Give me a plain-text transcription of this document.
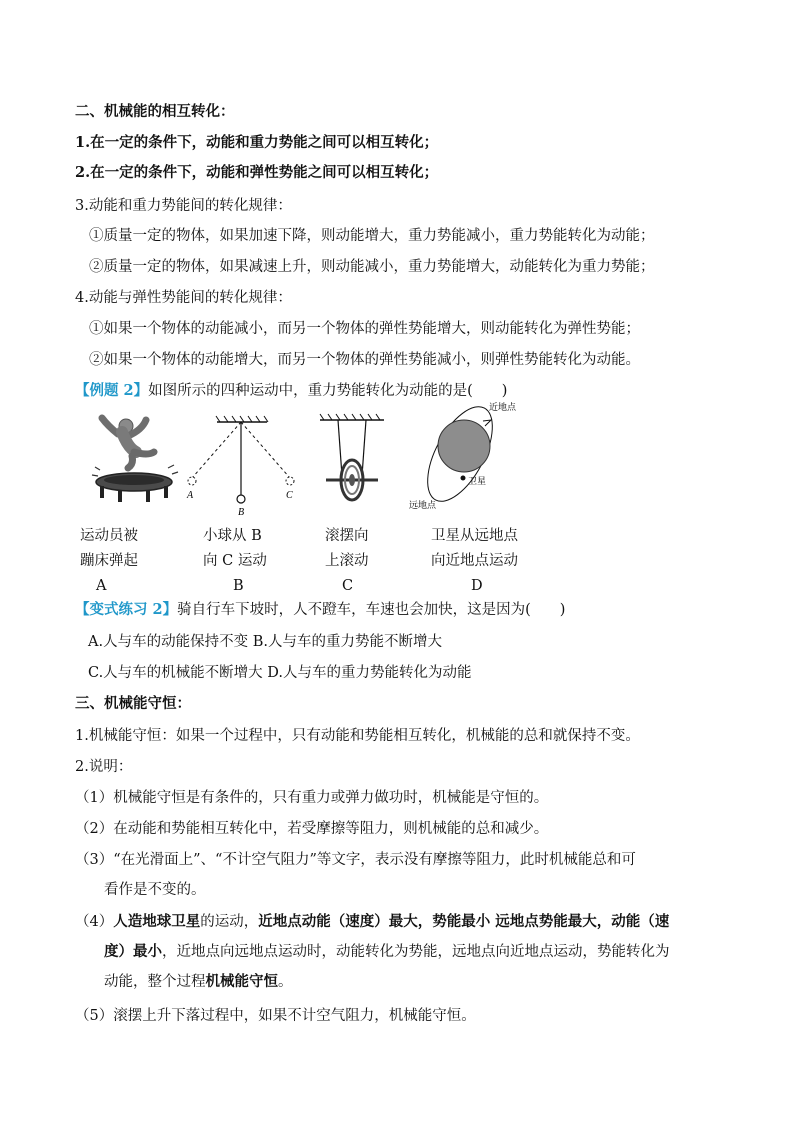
二、机械能的相互转化：
1.在一定的条件下，动能和重力势能之间可以相互转化；
2.在一定的条件下，动能和弹性势能之间可以相互转化；
3.动能和重力势能间的转化规律：
①质量一定的物体，如果加速下降，则动能增大，重力势能减小，重力势能转化为动能；
②质量一定的物体，如果减速上升，则动能减小，重力势能增大，动能转化为重力势能；
4.动能与弹性势能间的转化规律：
①如果一个物体的动能减小，而另一个物体的弹性势能增大，则动能转化为弹性势能；
②如果一个物体的动能增大，而另一个物体的弹性势能减小，则弹性势能转化为动能。
【例题 2】如图所示的四种运动中，重力势能转化为动能的是(　　)
A
B
C
近地点
卫星
远地点
运动员被
蹦床弹起
A
小球从 B
向 C 运动
B
滚摆向
上滚动
C
卫星从远地点
向近地点运动
D
【变式练习 2】骑自行车下坡时，人不蹬车，车速也会加快，这是因为(　　)
A.人与车的动能保持不变 B.人与车的重力势能不断增大
C.人与车的机械能不断增大 D.人与车的重力势能转化为动能
三、机械能守恒：
1.机械能守恒：如果一个过程中，只有动能和势能相互转化，机械能的总和就保持不变。
2.说明：
（1）机械能守恒是有条件的，只有重力或弹力做功时，机械能是守恒的。
（2）在动能和势能相互转化中，若受摩擦等阻力，则机械能的总和减少。
（3）“在光滑面上”、“不计空气阻力”等文字，表示没有摩擦等阻力，此时机械能总和可
看作是不变的。
（4）人造地球卫星的运动，近地点动能（速度）最大，势能最小 远地点势能最大，动能（速
度）最小，近地点向远地点运动时，动能转化为势能，远地点向近地点运动，势能转化为
动能，整个过程机械能守恒。
（5）滚摆上升下落过程中，如果不计空气阻力，机械能守恒。
